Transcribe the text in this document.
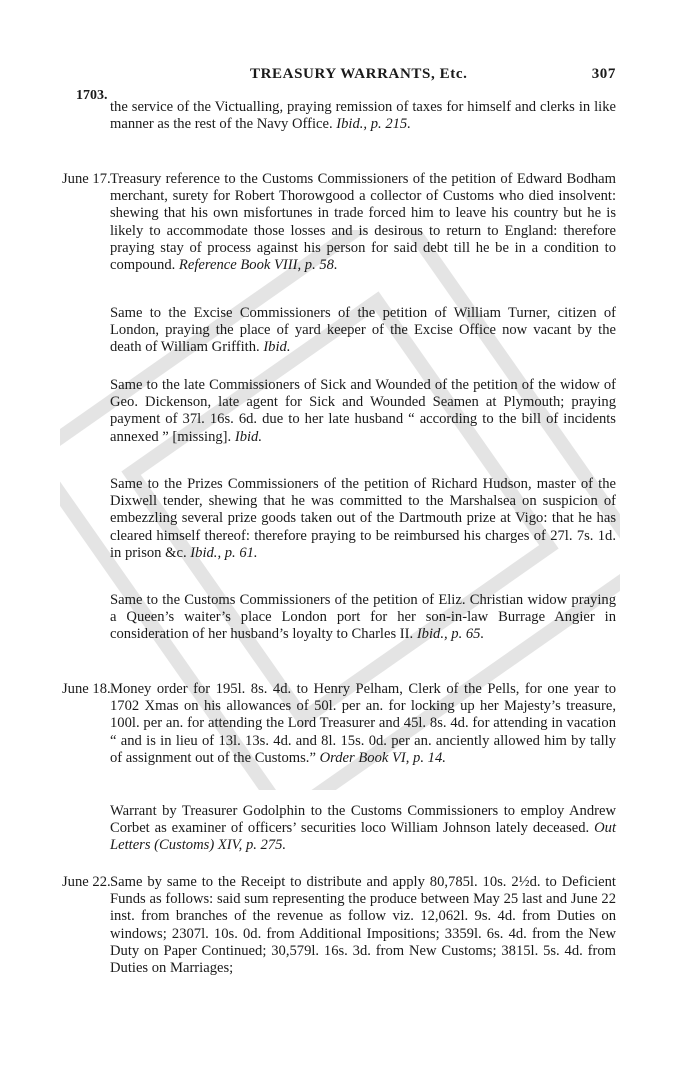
TREASURY WARRANTS, Etc.	307
1703.

the service of the Victualling, praying remission of taxes for himself and clerks in like manner as the rest of the Navy Office. Ibid., p. 215.

June 17. Treasury reference to the Customs Commissioners of the petition of Edward Bodham merchant, surety for Robert Thorowgood a collector of Customs who died insolvent: shewing that his own misfortunes in trade forced him to leave his country but he is likely to accommodate those losses and is desirous to return to England: therefore praying stay of process against his person for said debt till he be in a condition to compound. Reference Book VIII, p. 58.

Same to the Excise Commissioners of the petition of William Turner, citizen of London, praying the place of yard keeper of the Excise Office now vacant by the death of William Griffith. Ibid.

Same to the late Commissioners of Sick and Wounded of the petition of the widow of Geo. Dickenson, late agent for Sick and Wounded Seamen at Plymouth; praying payment of 37l. 16s. 6d. due to her late husband “ according to the bill of incidents annexed ” [missing]. Ibid.

Same to the Prizes Commissioners of the petition of Richard Hudson, master of the Dixwell tender, shewing that he was committed to the Marshalsea on suspicion of embezzling several prize goods taken out of the Dartmouth prize at Vigo: that he has cleared himself thereof: therefore praying to be reimbursed his charges of 27l. 7s. 1d. in prison &c. Ibid., p. 61.

Same to the Customs Commissioners of the petition of Eliz. Christian widow praying a Queen’s waiter’s place London port for her son-in-law Burrage Angier in consideration of her husband’s loyalty to Charles II. Ibid., p. 65.

June 18. Money order for 195l. 8s. 4d. to Henry Pelham, Clerk of the Pells, for one year to 1702 Xmas on his allowances of 50l. per an. for locking up her Majesty’s treasure, 100l. per an. for attending the Lord Treasurer and 45l. 8s. 4d. for attending in vacation “ and is in lieu of 13l. 13s. 4d. and 8l. 15s. 0d. per an. anciently allowed him by tally of assignment out of the Customs.” Order Book VI, p. 14.

Warrant by Treasurer Godolphin to the Customs Commissioners to employ Andrew Corbet as examiner of officers’ securities loco William Johnson lately deceased. Out Letters (Customs) XIV, p. 275.

June 22. Same by same to the Receipt to distribute and apply 80,785l. 10s. 2½d. to Deficient Funds as follows: said sum representing the produce between May 25 last and June 22 inst. from branches of the revenue as follow viz. 12,062l. 9s. 4d. from Duties on windows; 2307l. 10s. 0d. from Additional Impositions; 3359l. 6s. 4d. from the New Duty on Paper Continued; 30,579l. 16s. 3d. from New Customs; 3815l. 5s. 4d. from Duties on Marriages;
